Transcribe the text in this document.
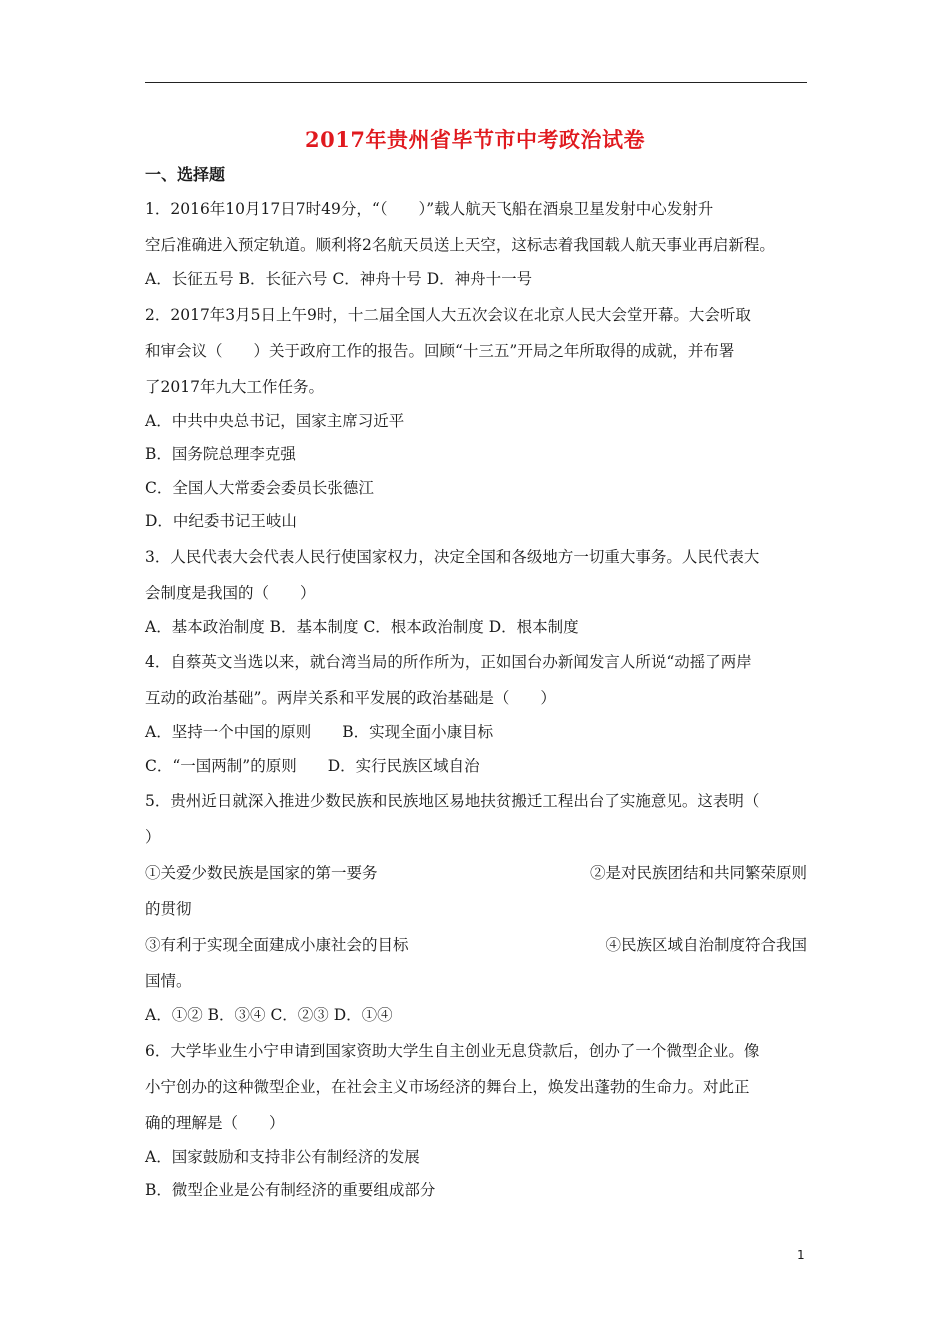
2017年贵州省毕节市中考政治试卷
一、选择题

1．2016年10月17日7时49分，“（　　）”载人航天飞船在酒泉卫星发射中心发射升

空后准确进入预定轨道。顺利将2名航天员送上天空，这标志着我国载人航天事业再启新程。

A．长征五号 B．长征六号 C．神舟十号 D．神舟十一号

2．2017年3月5日上午9时，十二届全国人大五次会议在北京人民大会堂开幕。大会听取

和审会议（　　）关于政府工作的报告。回顾“十三五”开局之年所取得的成就，并布署

了2017年九大工作任务。

A．中共中央总书记，国家主席习近平

B．国务院总理李克强

C．全国人大常委会委员长张德江

D．中纪委书记王岐山

3．人民代表大会代表人民行使国家权力，决定全国和各级地方一切重大事务。人民代表大

会制度是我国的（　　）

A．基本政治制度 B．基本制度 C．根本政治制度 D．根本制度

4．自蔡英文当选以来，就台湾当局的所作所为，正如国台办新闻发言人所说“动摇了两岸

互动的政治基础”。两岸关系和平发展的政治基础是（　　）

A．坚持一个中国的原则　　B．实现全面小康目标

C．“一国两制”的原则　　D．实行民族区域自治

5．贵州近日就深入推进少数民族和民族地区易地扶贫搬迁工程出台了实施意见。这表明（

）

①关爱少数民族是国家的第一要务	②是对民族团结和共同繁荣原则

的贯彻

③有利于实现全面建成小康社会的目标	④民族区域自治制度符合我国

国情。

A．①② B．③④ C．②③ D．①④

6．大学毕业生小宁申请到国家资助大学生自主创业无息贷款后，创办了一个微型企业。像

小宁创办的这种微型企业，在社会主义市场经济的舞台上，焕发出蓬勃的生命力。对此正

确的理解是（　　）

A．国家鼓励和支持非公有制经济的发展

B．微型企业是公有制经济的重要组成部分

1
